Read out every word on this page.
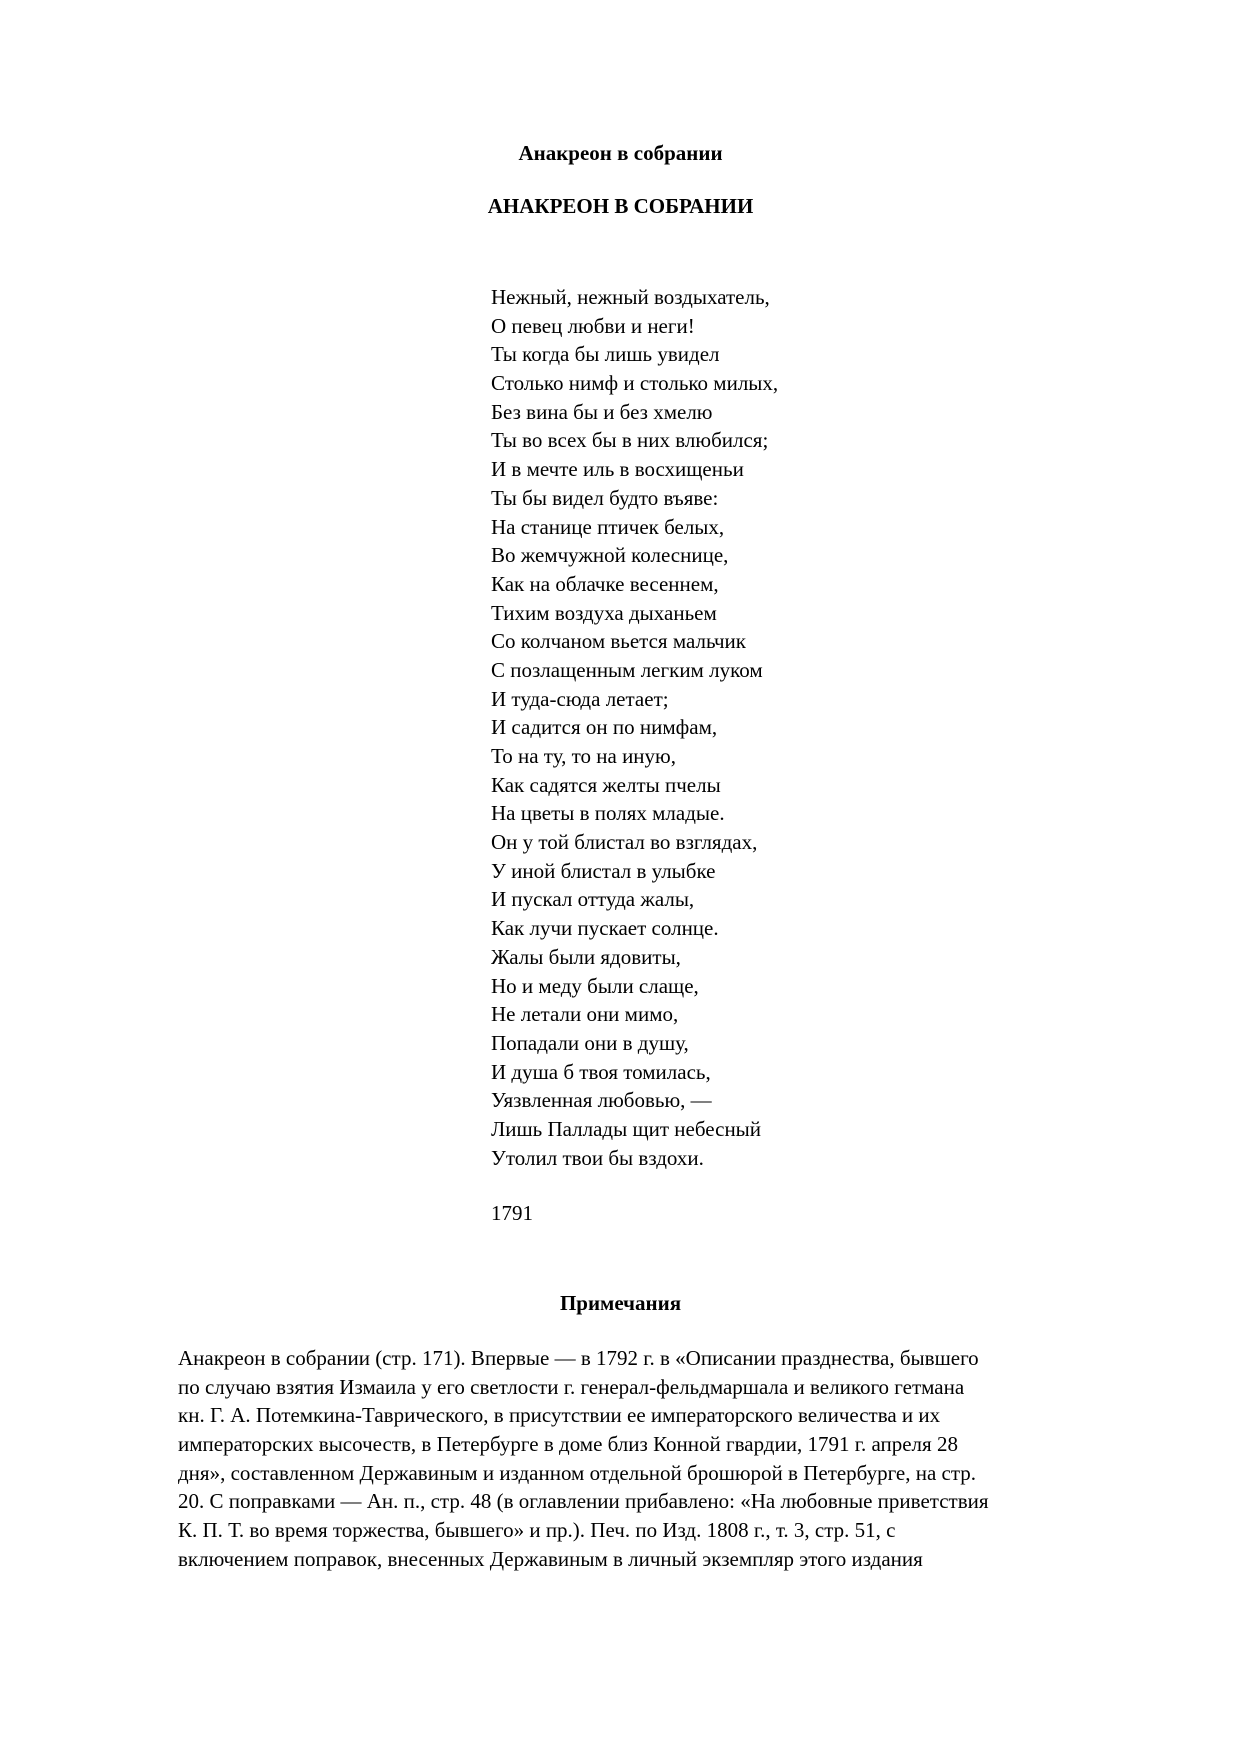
Анакреон в собрании
АНАКРЕОН В СОБРАНИИ
Нежный, нежный воздыхатель,
О певец любви и неги!
Ты когда бы лишь увидел
Столько нимф и столько милых,
Без вина бы и без хмелю
Ты во всех бы в них влюбился;
И в мечте иль в восхищеньи
Ты бы видел будто въяве:
На станице птичек белых,
Во жемчужной колеснице,
Как на облачке весеннем,
Тихим воздуха дыханьем
Со колчаном вьется мальчик
С позлащенным легким луком
И туда-сюда летает;
И садится он по нимфам,
То на ту, то на иную,
Как садятся желты пчелы
На цветы в полях младые.
Он у той блистал во взглядах,
У иной блистал в улыбке
И пускал оттуда жалы,
Как лучи пускает солнце.
Жалы были ядовиты,
Но и меду были слаще,
Не летали они мимо,
Попадали они в душу,
И душа б твоя томилась,
Уязвленная любовью, —
Лишь Паллады щит небесный
Утолил твои бы вздохи.
1791
Примечания
Анакреон в собрании (стр. 171). Впервые — в 1792 г. в «Описании празднества, бывшего
по случаю взятия Измаила у его светлости г. генерал-фельдмаршала и великого гетмана
кн. Г. А. Потемкина-Таврического, в присутствии ее императорского величества и их
императорских высочеств, в Петербурге в доме близ Конной гвардии, 1791 г. апреля 28
дня», составленном Державиным и изданном отдельной брошюрой в Петербурге, на стр.
20. С поправками — Ан. п., стр. 48 (в оглавлении прибавлено: «На любовные приветствия
К. П. Т. во время торжества, бывшего» и пр.). Печ. по Изд. 1808 г., т. 3, стр. 51, с
включением поправок, внесенных Державиным в личный экземпляр этого издания
